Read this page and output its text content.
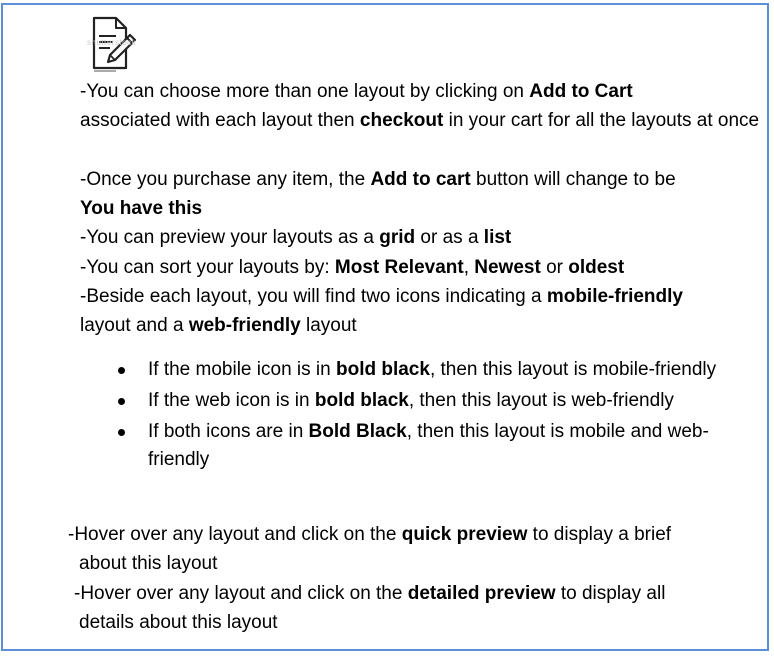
shutterstock

-You can choose more than one layout by clicking on Add to Cart
associated with each layout then checkout in your cart for all the layouts at once

-Once you purchase any item, the Add to cart button will change to be
You have this

-You can preview your layouts as a grid or as a list

-You can sort your layouts by: Most Relevant, Newest or oldest

-Beside each layout, you will find two icons indicating a mobile-friendly
layout and a web-friendly layout

If the mobile icon is in bold black, then this layout is mobile-friendly
If the web icon is in bold black, then this layout is web-friendly
If both icons are in Bold Black, then this layout is mobile and web-friendly

-Hover over any layout and click on the quick preview to display a brief
about this layout

-Hover over any layout and click on the detailed preview to display all
details about this layout
